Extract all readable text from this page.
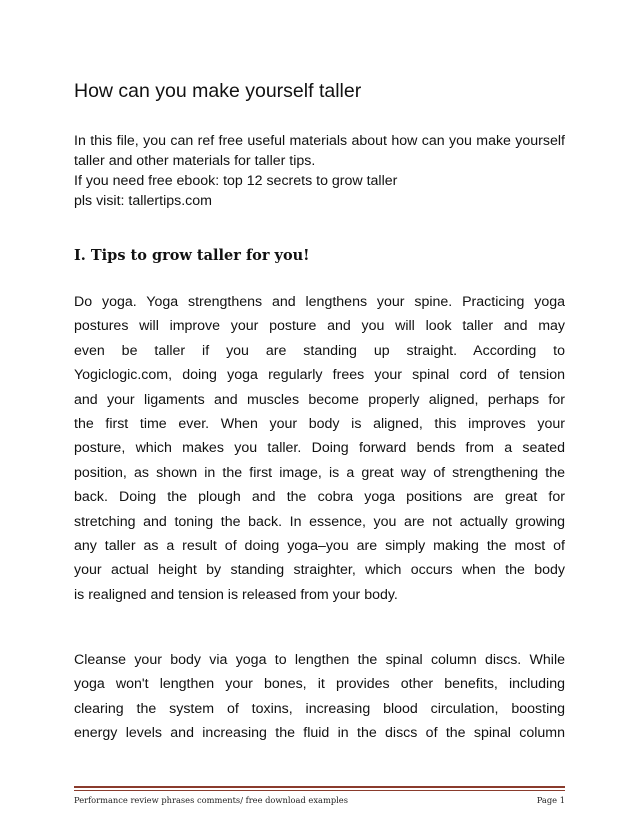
How can you make yourself taller

In this file, you can ref free useful materials about how can you make yourself taller and other materials for taller tips.

If you need free ebook: top 12 secrets to grow taller

pls visit: tallertips.com

I. Tips to grow taller for you!

Do yoga. Yoga strengthens and lengthens your spine. Practicing yoga
postures will improve your posture and you will look taller and may
even be taller if you are standing up straight. According to
Yogiclogic.com, doing yoga regularly frees your spinal cord of tension
and your ligaments and muscles become properly aligned, perhaps for
the first time ever. When your body is aligned, this improves your
posture, which makes you taller. Doing forward bends from a seated
position, as shown in the first image, is a great way of strengthening the
back. Doing the plough and the cobra yoga positions are great for
stretching and toning the back. In essence, you are not actually growing
any taller as a result of doing yoga–you are simply making the most of
your actual height by standing straighter, which occurs when the body
is realigned and tension is released from your body.

Cleanse your body via yoga to lengthen the spinal column discs. While
yoga won't lengthen your bones, it provides other benefits, including
clearing the system of toxins, increasing blood circulation, boosting
energy levels and increasing the fluid in the discs of the spinal column

Performance review phrases comments/ free download examples	Page 1
